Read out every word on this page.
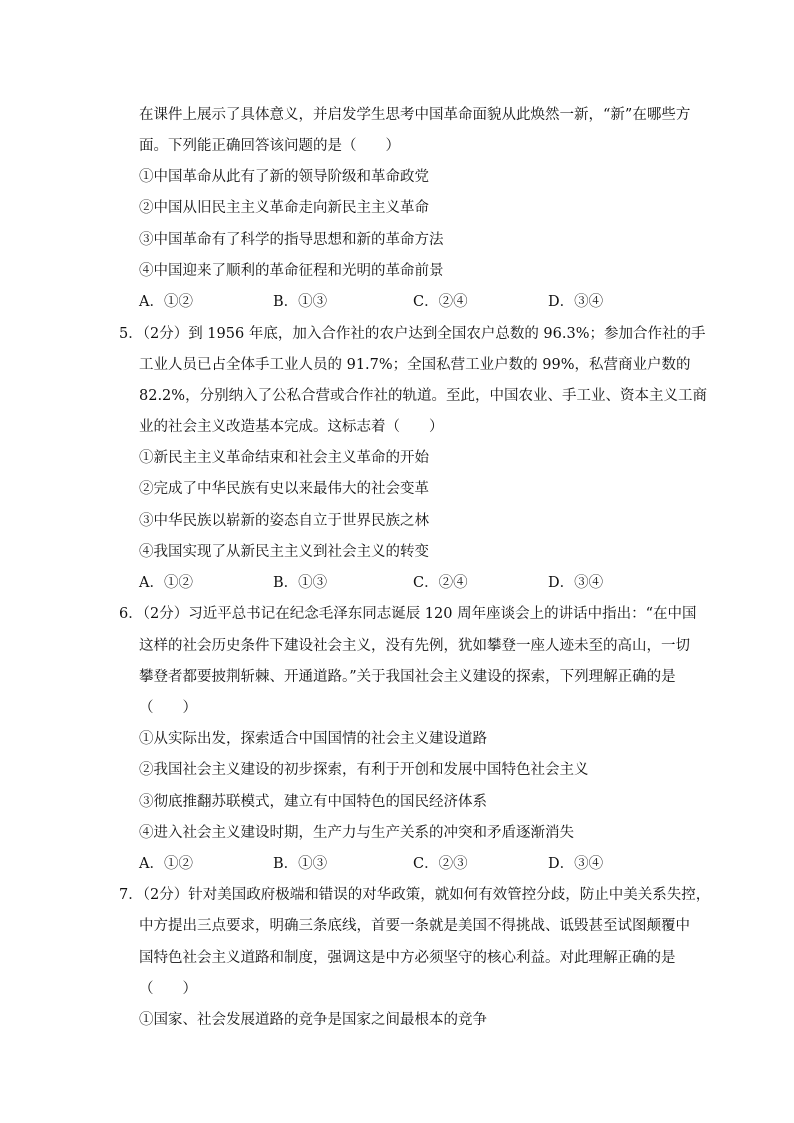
在课件上展示了具体意义，并启发学生思考中国革命面貌从此焕然一新，“新”在哪些方
面。下列能正确回答该问题的是（　　）
①中国革命从此有了新的领导阶级和革命政党
②中国从旧民主主义革命走向新民主主义革命
③中国革命有了科学的指导思想和新的革命方法
④中国迎来了顺利的革命征程和光明的革命前景
5．（2分）到 1956 年底，加入合作社的农户达到全国农户总数的 96.3%；参加合作社的手
工业人员已占全体手工业人员的 91.7%；全国私营工业户数的 99%，私营商业户数的
82.2%，分别纳入了公私合营或合作社的轨道。至此，中国农业、手工业、资本主义工商
业的社会主义改造基本完成。这标志着（　　）
①新民主主义革命结束和社会主义革命的开始
②完成了中华民族有史以来最伟大的社会变革
③中华民族以崭新的姿态自立于世界民族之林
④我国实现了从新民主主义到社会主义的转变
6．（2分）习近平总书记在纪念毛泽东同志诞辰 120 周年座谈会上的讲话中指出：“在中国
这样的社会历史条件下建设社会主义，没有先例，犹如攀登一座人迹未至的高山，一切
攀登者都要披荆斩棘、开通道路。”关于我国社会主义建设的探索，下列理解正确的是
（　　）
①从实际出发，探索适合中国国情的社会主义建设道路
②我国社会主义建设的初步探索，有利于开创和发展中国特色社会主义
③彻底推翻苏联模式，建立有中国特色的国民经济体系
④进入社会主义建设时期，生产力与生产关系的冲突和矛盾逐渐消失
7．（2分）针对美国政府极端和错误的对华政策，就如何有效管控分歧，防止中美关系失控，
中方提出三点要求，明确三条底线，首要一条就是美国不得挑战、诋毁甚至试图颠覆中
国特色社会主义道路和制度，强调这是中方必须坚守的核心利益。对此理解正确的是
（　　）
①国家、社会发展道路的竞争是国家之间最根本的竞争
A．①②	B．①③	C．②④	D．③④
A．①②	B．①③	C．②④	D．③④
A．①②	B．①③	C．②③	D．③④
